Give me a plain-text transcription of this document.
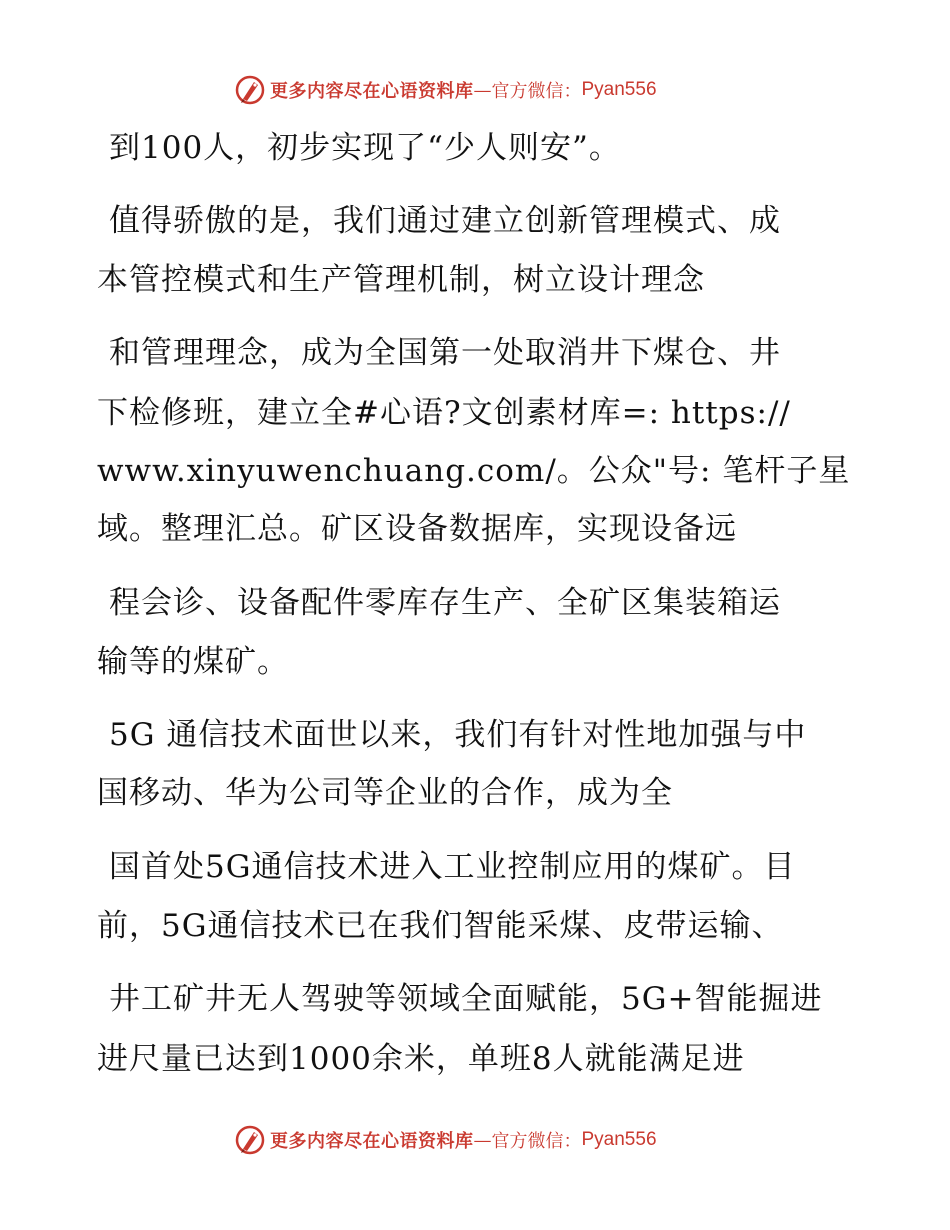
更多内容尽在心语资料库 — 官方微信： Pyan556
到100人，初步实现了“少人则安”。
值得骄傲的是，我们通过建立创新管理模式、成
本管控模式和生产管理机制，树立设计理念
和管理理念，成为全国第一处取消井下煤仓、井
下检修班，建立全#心语?文创素材库=: https://
www.xinyuwenchuang.com/。公众"号: 笔杆子星
域。整理汇总。矿区设备数据库，实现设备远
程会诊、设备配件零库存生产、全矿区集装箱运
输等的煤矿。
5G 通信技术面世以来，我们有针对性地加强与中
国移动、华为公司等企业的合作，成为全
国首处5G通信技术进入工业控制应用的煤矿。目
前，5G通信技术已在我们智能采煤、皮带运输、
井工矿井无人驾驶等领域全面赋能，5G+智能掘进
进尺量已达到1000余米，单班8人就能满足进
更多内容尽在心语资料库 — 官方微信： Pyan556
